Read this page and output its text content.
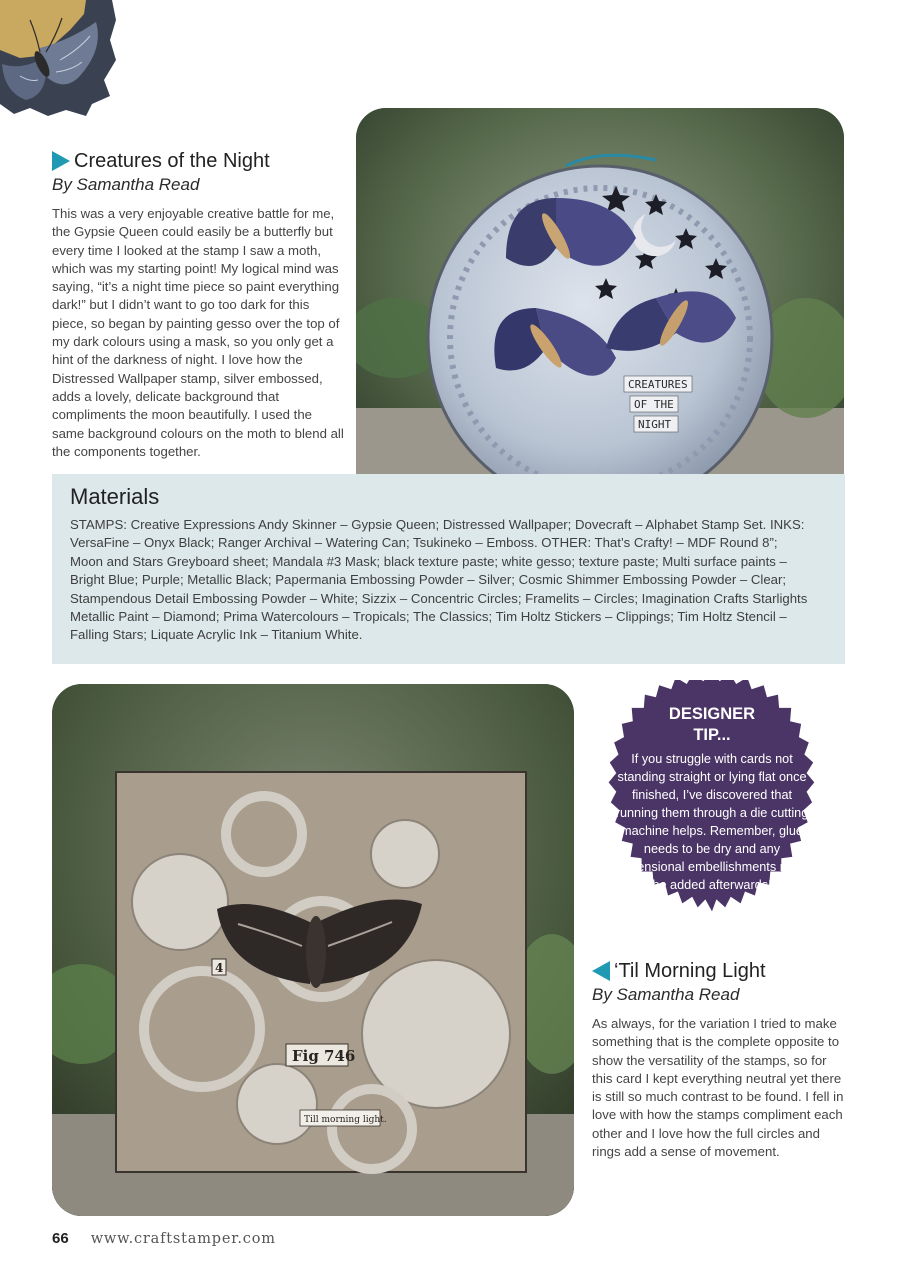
CREATURES
OF THE
NIGHT
Creatures of the Night
By Samantha Read
This was a very enjoyable creative battle for me, the Gypsie Queen could easily be a butterfly but every time I looked at the stamp I saw a moth, which was my starting point! My logical mind was saying, “it’s a night time piece so paint everything dark!” but I didn’t want to go too dark for this piece, so began by painting gesso over the top of my dark colours using a mask, so you only get a hint of the darkness of night. I love how the Distressed Wallpaper stamp, silver embossed, adds a lovely, delicate background that compliments the moon beautifully. I used the same background colours on the moth to blend all the components together.
Materials
STAMPS: Creative Expressions Andy Skinner – Gypsie Queen; Distressed Wallpaper; Dovecraft – Alphabet Stamp Set. INKS: VersaFine – Onyx Black; Ranger Archival – Watering Can; Tsukineko – Emboss. OTHER: That’s Crafty! – MDF Round 8”; Moon and Stars Greyboard sheet; Mandala #3 Mask; black texture paste; white gesso; texture paste; Multi surface paints – Bright Blue; Purple; Metallic Black; Papermania Embossing Powder – Silver; Cosmic Shimmer Embossing Powder – Clear; Stampendous Detail Embossing Powder – White; Sizzix – Concentric Circles; Framelits – Circles; Imagination Crafts Starlights Metallic Paint – Diamond; Prima Watercolours – Tropicals; The Classics; Tim Holtz Stickers – Clippings; Tim Holtz Stencil – Falling Stars; Liquate Acrylic Ink – Titanium White.
Fig 746
4
Till morning light.
DESIGNER TIP...
If you struggle with cards not standing straight or lying flat once finished, I’ve discovered that running them through a die cutting machine helps. Remember, glue needs to be dry and any dimensional embellishments must be added afterwards!
‘Til Morning Light
By Samantha Read
As always, for the variation I tried to make something that is the complete opposite to show the versatility of the stamps, so for this card I kept everything neutral yet there is still so much contrast to be found. I fell in love with how the stamps compliment each other and I love how the full circles and rings add a sense of movement.
66 www.craftstamper.com
